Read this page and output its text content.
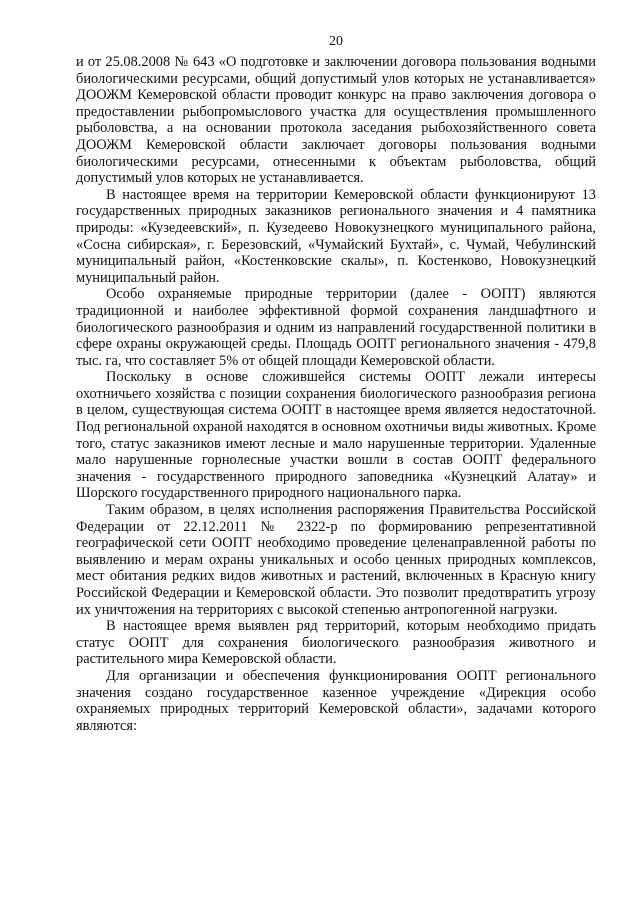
20

и от 25.08.2008 № 643 «О подготовке и заключении договора пользования водными биологическими ресурсами, общий допустимый улов которых не устанавливается» ДООЖМ Кемеровской области проводит конкурс на право заключения договора о предоставлении рыбопромыслового участка для осуществления промышленного рыболовства, а на основании протокола заседания рыбохозяйственного совета ДООЖМ Кемеровской области заключает договоры пользования водными биологическими ресурсами, отнесенными к объектам рыболовства, общий допустимый улов которых не устанавливается.

В настоящее время на территории Кемеровской области функционируют 13 государственных природных заказников регионального значения и 4 памятника природы: «Кузедеевский», п. Кузедеево Новокузнецкого муниципального района, «Сосна сибирская», г. Березовский, «Чумайский Бухтай», с. Чумай, Чебулинский муниципальный район, «Костенковские скалы», п. Костенково, Новокузнецкий муниципальный район.

Особо охраняемые природные территории (далее - ООПТ) являются традиционной и наиболее эффективной формой сохранения ландшафтного и биологического разнообразия и одним из направлений государственной политики в сфере охраны окружающей среды. Площадь ООПТ регионального значения - 479,8 тыс. га, что составляет 5% от общей площади Кемеровской области.

Поскольку в основе сложившейся системы ООПТ лежали интересы охотничьего хозяйства с позиции сохранения биологического разнообразия региона в целом, существующая система ООПТ в настоящее время является недостаточной. Под региональной охраной находятся в основном охотничьи виды животных. Кроме того, статус заказников имеют лесные и мало нарушенные территории. Удаленные мало нарушенные горнолесные участки вошли в состав ООПТ федерального значения - государственного природного заповедника «Кузнецкий Алатау» и Шорского государственного природного национального парка.

Таким образом, в целях исполнения распоряжения Правительства Российской Федерации от 22.12.2011 № 2322-р по формированию репрезентативной географической сети ООПТ необходимо проведение целенаправленной работы по выявлению и мерам охраны уникальных и особо ценных природных комплексов, мест обитания редких видов животных и растений, включенных в Красную книгу Российской Федерации и Кемеровской области. Это позволит предотвратить угрозу их уничтожения на территориях с высокой степенью антропогенной нагрузки.

В настоящее время выявлен ряд территорий, которым необходимо придать статус ООПТ для сохранения биологического разнообразия животного и растительного мира Кемеровской области.

Для организации и обеспечения функционирования ООПТ регионального значения создано государственное казенное учреждение «Дирекция особо охраняемых природных территорий Кемеровской области», задачами которого являются:
